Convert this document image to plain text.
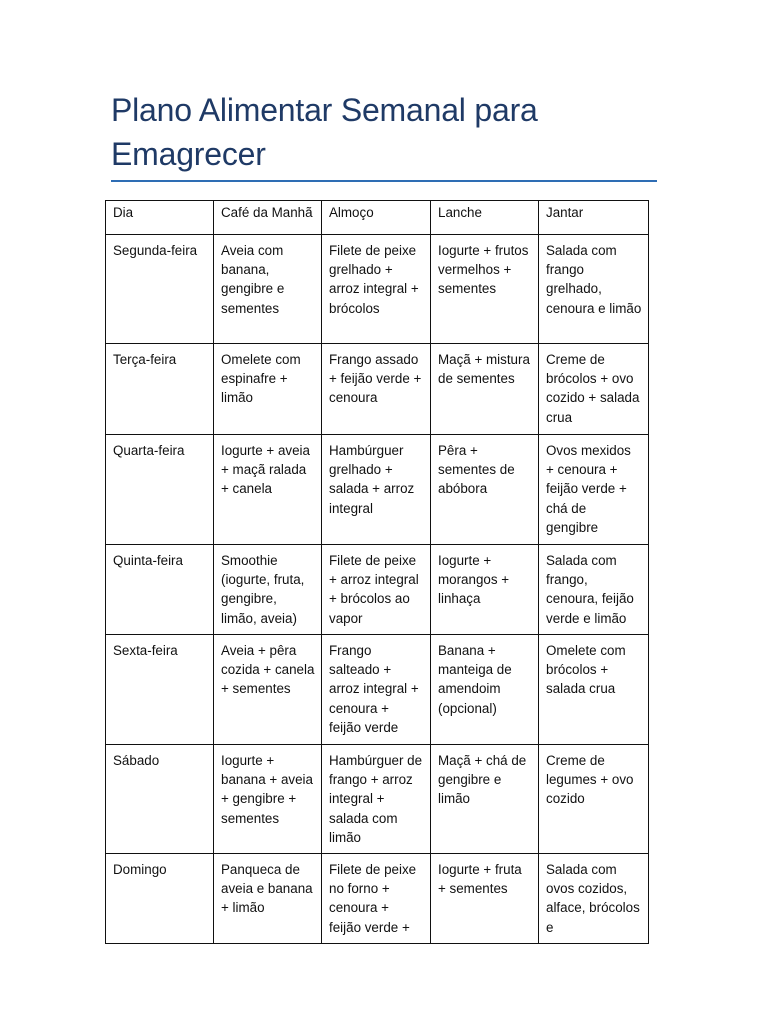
Plano Alimentar Semanal para Emagrecer
Dia	Café da Manhã	Almoço	Lanche	Jantar
Segunda-feira	Aveia com banana, gengibre e sementes	Filete de peixe grelhado + arroz integral + brócolos	Iogurte + frutos vermelhos + sementes	Salada com frango grelhado, cenoura e limão
Terça-feira	Omelete com espinafre + limão	Frango assado + feijão verde + cenoura	Maçã + mistura de sementes	Creme de brócolos + ovo cozido + salada crua
Quarta-feira	Iogurte + aveia + maçã ralada + canela	Hambúrguer grelhado + salada + arroz integral	Pêra + sementes de abóbora	Ovos mexidos + cenoura + feijão verde + chá de gengibre
Quinta-feira	Smoothie (iogurte, fruta, gengibre, limão, aveia)	Filete de peixe + arroz integral + brócolos ao vapor	Iogurte + morangos + linhaça	Salada com frango, cenoura, feijão verde e limão
Sexta-feira	Aveia + pêra cozida + canela + sementes	Frango salteado + arroz integral + cenoura + feijão verde	Banana + manteiga de amendoim (opcional)	Omelete com brócolos + salada crua
Sábado	Iogurte + banana + aveia + gengibre + sementes	Hambúrguer de frango + arroz integral + salada com limão	Maçã + chá de gengibre e limão	Creme de legumes + ovo cozido
Domingo	Panqueca de aveia e banana + limão	Filete de peixe no forno + cenoura + feijão verde +	Iogurte + fruta + sementes	Salada com ovos cozidos, alface, brócolos e
